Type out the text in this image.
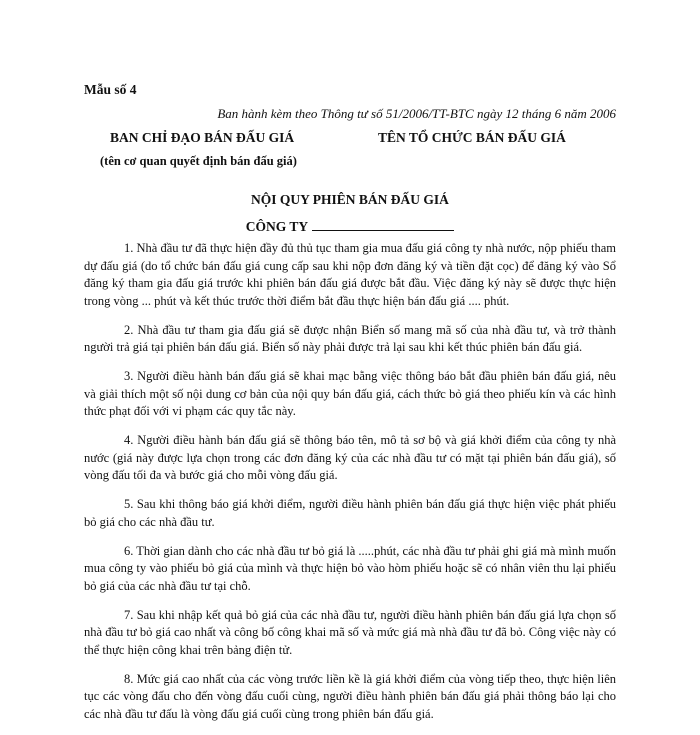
Mẫu số 4

Ban hành kèm theo Thông tư số 51/2006/TT-BTC ngày 12 tháng 6 năm 2006

BAN CHỈ ĐẠO BÁN ĐẤU GIÁ	TÊN TỔ CHỨC BÁN ĐẤU GIÁ

(tên cơ quan quyết định bán đấu giá)

NỘI QUY PHIÊN BÁN ĐẤU GIÁ

CÔNG TY

1. Nhà đầu tư đã thực hiện đầy đủ thủ tục tham gia mua đấu giá công ty nhà nước, nộp phiếu tham dự đấu giá (do tổ chức bán đấu giá cung cấp sau khi nộp đơn đăng ký và tiền đặt cọc) để đăng ký vào Sổ đăng ký tham gia đấu giá trước khi phiên bán đấu giá được bắt đầu. Việc đăng ký này sẽ được thực hiện trong vòng ... phút và kết thúc trước thời điểm bắt đầu thực hiện bán đấu giá .... phút.

2. Nhà đầu tư tham gia đấu giá sẽ được nhận Biển số mang mã số của nhà đầu tư, và trở thành người trả giá tại phiên bán đấu giá. Biển số này phải được trả lại sau khi kết thúc phiên bán đấu giá.

3. Người điều hành bán đấu giá sẽ khai mạc bằng việc thông báo bắt đầu phiên bán đấu giá, nêu và giải thích một số nội dung cơ bản của nội quy bán đấu giá, cách thức bỏ giá theo phiếu kín và các hình thức phạt đối với vi phạm các quy tắc này.

4. Người điều hành bán đấu giá sẽ thông báo tên, mô tả sơ bộ và giá khởi điểm của công ty nhà nước (giá này được lựa chọn trong các đơn đăng ký của các nhà đầu tư có mặt tại phiên bán đấu giá), số vòng đấu tối đa và bước giá cho mỗi vòng đấu giá.

5. Sau khi thông báo giá khởi điểm, người điều hành phiên bán đấu giá thực hiện việc phát phiếu bỏ giá cho các nhà đầu tư.

6. Thời gian dành cho các nhà đầu tư bỏ giá là .....phút, các nhà đầu tư phải ghi giá mà mình muốn mua công ty vào phiếu bỏ giá của mình và thực hiện bỏ vào hòm phiếu hoặc sẽ có nhân viên thu lại phiếu bỏ giá của các nhà đầu tư tại chỗ.

7. Sau khi nhập kết quả bỏ giá của các nhà đầu tư, người điều hành phiên bán đấu giá lựa chọn số nhà đầu tư bỏ giá cao nhất và công bố công khai mã số và mức giá mà nhà đầu tư đã bỏ. Công việc này có thể thực hiện công khai trên bảng điện tử.

8. Mức giá cao nhất của các vòng trước liền kề là giá khởi điểm của vòng tiếp theo, thực hiện liên tục các vòng đấu cho đến vòng đấu cuối cùng, người điều hành phiên bán đấu giá phải thông báo lại cho các nhà đầu tư đấu là vòng đấu giá cuối cùng trong phiên bán đấu giá.
